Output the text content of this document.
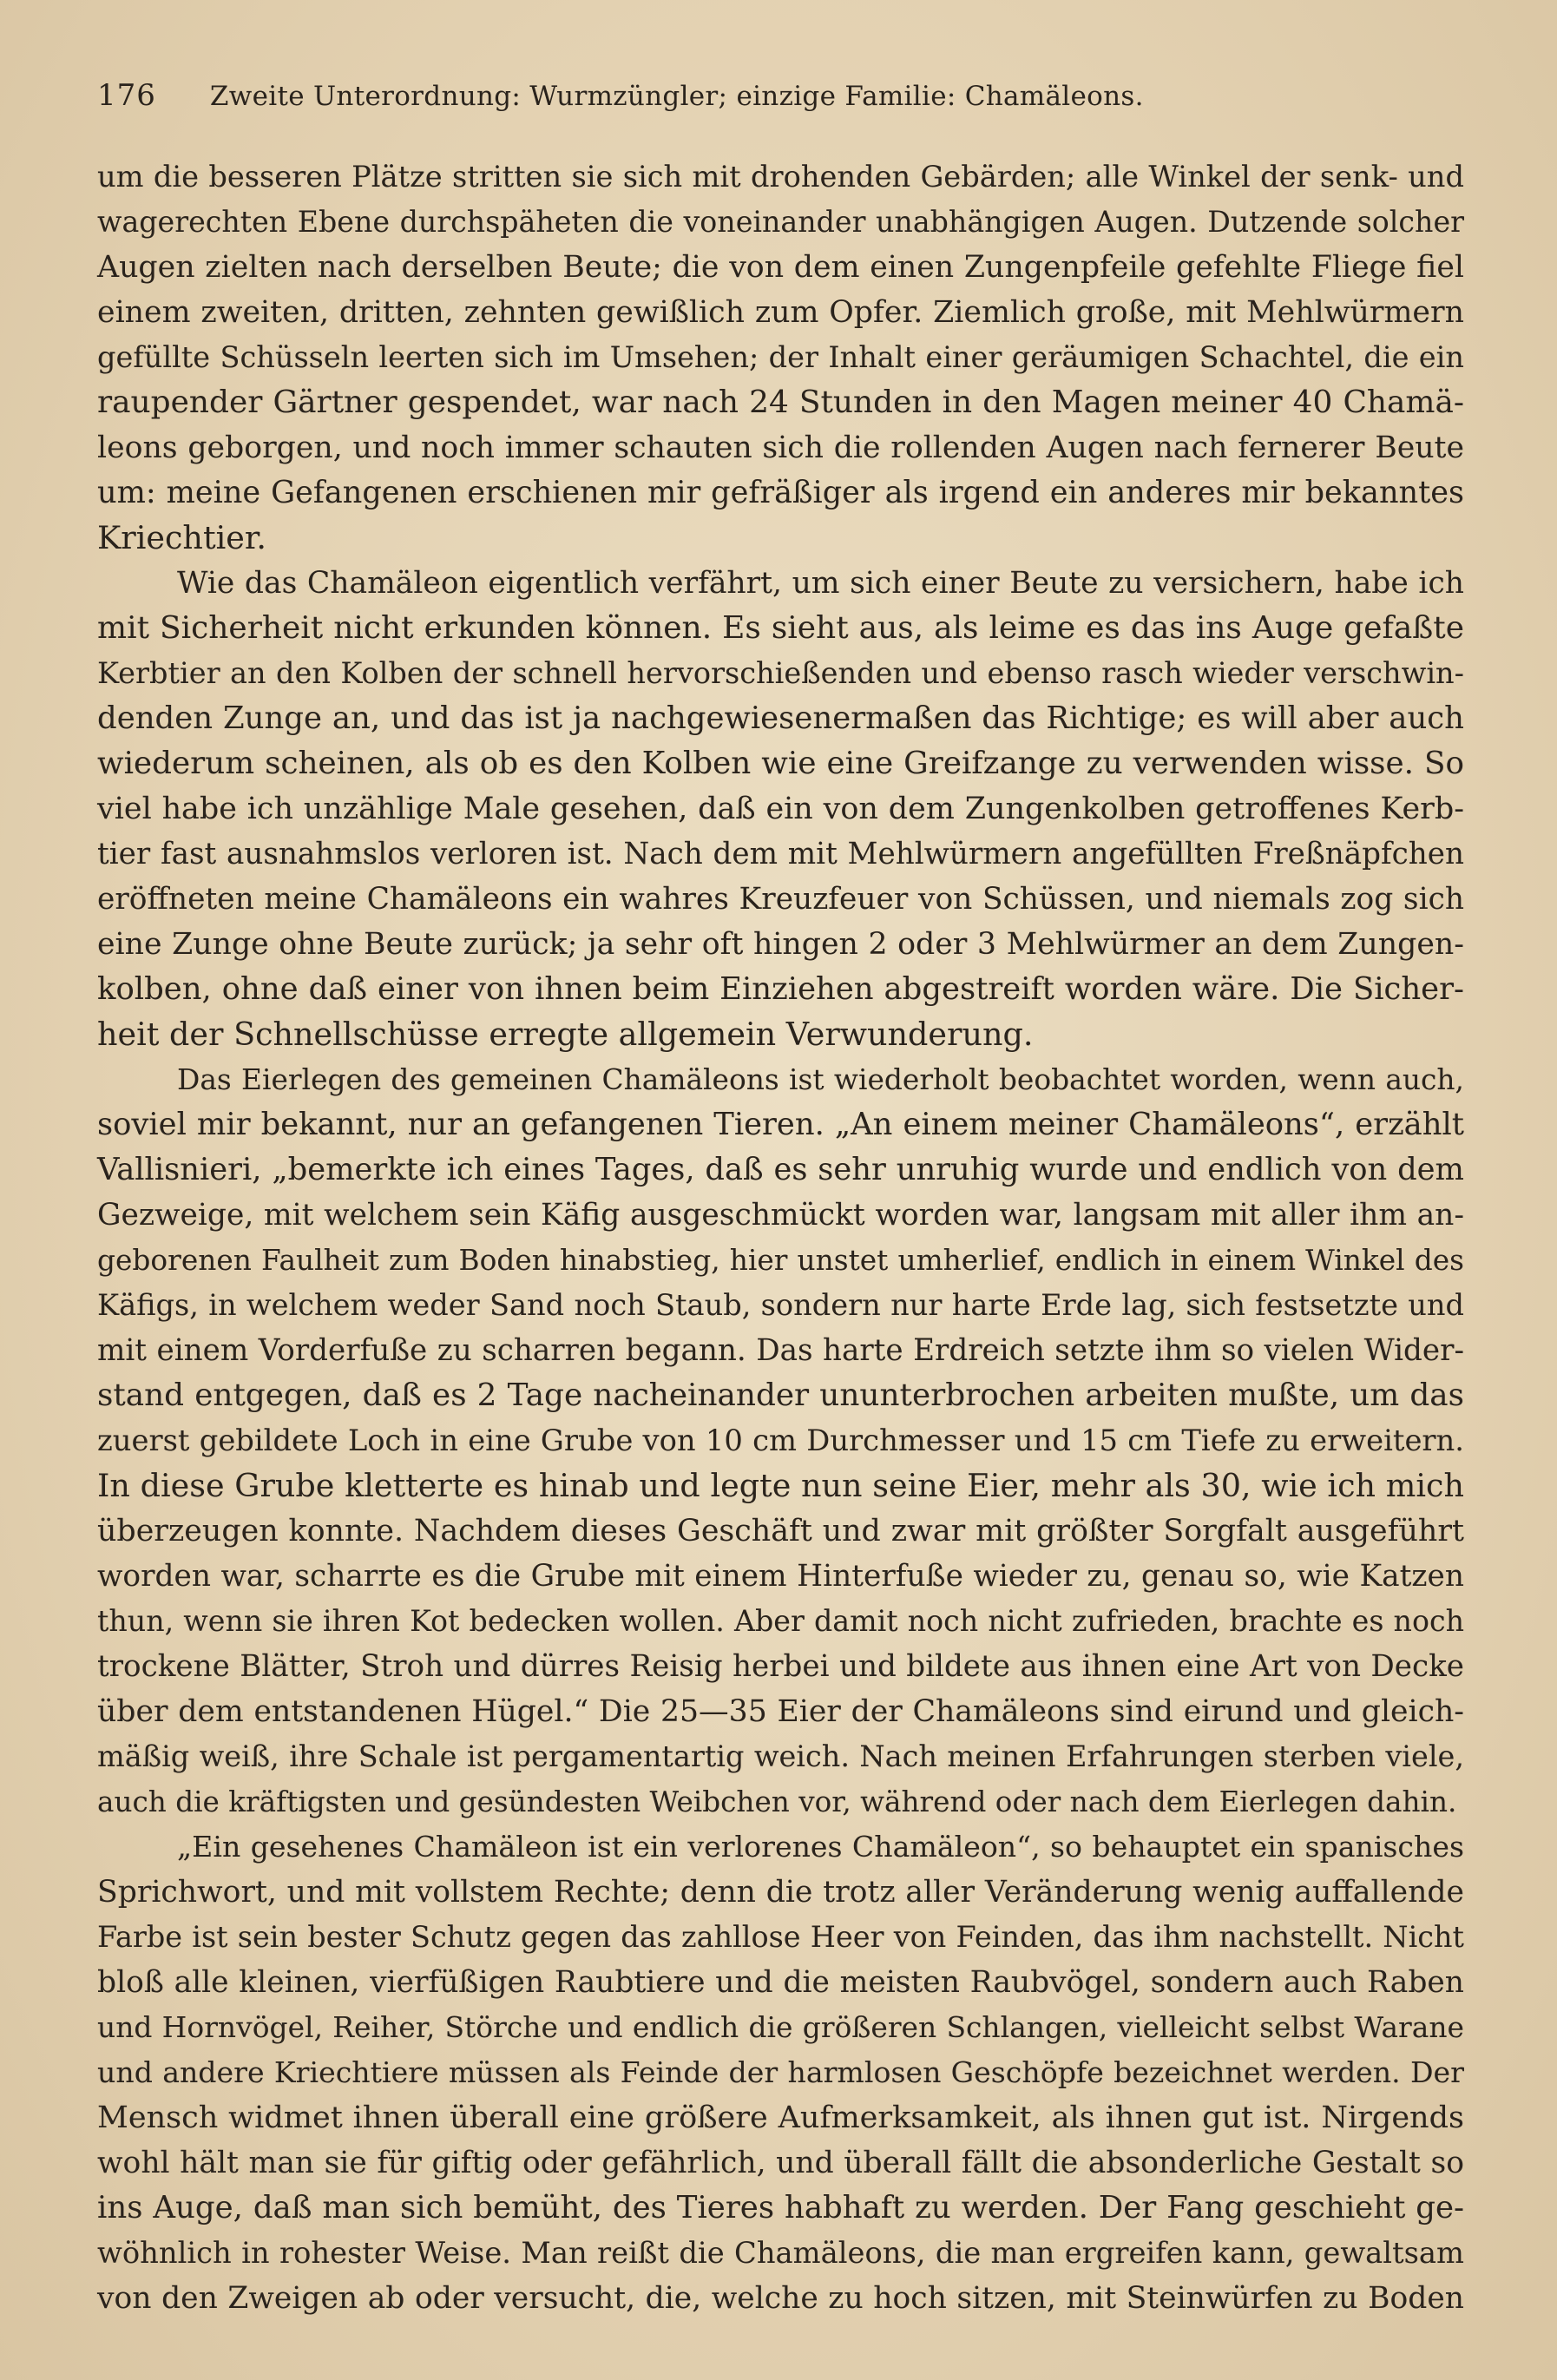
176 Zweite Unterordnung: Wurmzüngler; einzige Familie: Chamäleons.
um die besseren Plätze stritten sie sich mit drohenden Gebärden; alle Winkel der senk- und
wagerechten Ebene durchspäheten die voneinander unabhängigen Augen. Dutzende solcher
Augen zielten nach derselben Beute; die von dem einen Zungenpfeile gefehlte Fliege fiel
einem zweiten, dritten, zehnten gewißlich zum Opfer. Ziemlich große, mit Mehlwürmern
gefüllte Schüsseln leerten sich im Umsehen; der Inhalt einer geräumigen Schachtel, die ein
raupender Gärtner gespendet, war nach 24 Stunden in den Magen meiner 40 Chamä-
leons geborgen, und noch immer schauten sich die rollenden Augen nach fernerer Beute
um: meine Gefangenen erschienen mir gefräßiger als irgend ein anderes mir bekanntes
Kriechtier.
Wie das Chamäleon eigentlich verfährt, um sich einer Beute zu versichern, habe ich
mit Sicherheit nicht erkunden können. Es sieht aus, als leime es das ins Auge gefaßte
Kerbtier an den Kolben der schnell hervorschießenden und ebenso rasch wieder verschwin-
denden Zunge an, und das ist ja nachgewiesenermaßen das Richtige; es will aber auch
wiederum scheinen, als ob es den Kolben wie eine Greifzange zu verwenden wisse. So
viel habe ich unzählige Male gesehen, daß ein von dem Zungenkolben getroffenes Kerb-
tier fast ausnahmslos verloren ist. Nach dem mit Mehlwürmern angefüllten Freßnäpfchen
eröffneten meine Chamäleons ein wahres Kreuzfeuer von Schüssen, und niemals zog sich
eine Zunge ohne Beute zurück; ja sehr oft hingen 2 oder 3 Mehlwürmer an dem Zungen-
kolben, ohne daß einer von ihnen beim Einziehen abgestreift worden wäre. Die Sicher-
heit der Schnellschüsse erregte allgemein Verwunderung.
Das Eierlegen des gemeinen Chamäleons ist wiederholt beobachtet worden, wenn auch,
soviel mir bekannt, nur an gefangenen Tieren. „An einem meiner Chamäleons“, erzählt
Vallisnieri, „bemerkte ich eines Tages, daß es sehr unruhig wurde und endlich von dem
Gezweige, mit welchem sein Käfig ausgeschmückt worden war, langsam mit aller ihm an-
geborenen Faulheit zum Boden hinabstieg, hier unstet umherlief, endlich in einem Winkel des
Käfigs, in welchem weder Sand noch Staub, sondern nur harte Erde lag, sich festsetzte und
mit einem Vorderfuße zu scharren begann. Das harte Erdreich setzte ihm so vielen Wider-
stand entgegen, daß es 2 Tage nacheinander ununterbrochen arbeiten mußte, um das
zuerst gebildete Loch in eine Grube von 10 cm Durchmesser und 15 cm Tiefe zu erweitern.
In diese Grube kletterte es hinab und legte nun seine Eier, mehr als 30, wie ich mich
überzeugen konnte. Nachdem dieses Geschäft und zwar mit größter Sorgfalt ausgeführt
worden war, scharrte es die Grube mit einem Hinterfuße wieder zu, genau so, wie Katzen
thun, wenn sie ihren Kot bedecken wollen. Aber damit noch nicht zufrieden, brachte es noch
trockene Blätter, Stroh und dürres Reisig herbei und bildete aus ihnen eine Art von Decke
über dem entstandenen Hügel.“ Die 25—35 Eier der Chamäleons sind eirund und gleich-
mäßig weiß, ihre Schale ist pergamentartig weich. Nach meinen Erfahrungen sterben viele,
auch die kräftigsten und gesündesten Weibchen vor, während oder nach dem Eierlegen dahin.
„Ein gesehenes Chamäleon ist ein verlorenes Chamäleon“, so behauptet ein spanisches
Sprichwort, und mit vollstem Rechte; denn die trotz aller Veränderung wenig auffallende
Farbe ist sein bester Schutz gegen das zahllose Heer von Feinden, das ihm nachstellt. Nicht
bloß alle kleinen, vierfüßigen Raubtiere und die meisten Raubvögel, sondern auch Raben
und Hornvögel, Reiher, Störche und endlich die größeren Schlangen, vielleicht selbst Warane
und andere Kriechtiere müssen als Feinde der harmlosen Geschöpfe bezeichnet werden. Der
Mensch widmet ihnen überall eine größere Aufmerksamkeit, als ihnen gut ist. Nirgends
wohl hält man sie für giftig oder gefährlich, und überall fällt die absonderliche Gestalt so
ins Auge, daß man sich bemüht, des Tieres habhaft zu werden. Der Fang geschieht ge-
wöhnlich in rohester Weise. Man reißt die Chamäleons, die man ergreifen kann, gewaltsam
von den Zweigen ab oder versucht, die, welche zu hoch sitzen, mit Steinwürfen zu Boden
